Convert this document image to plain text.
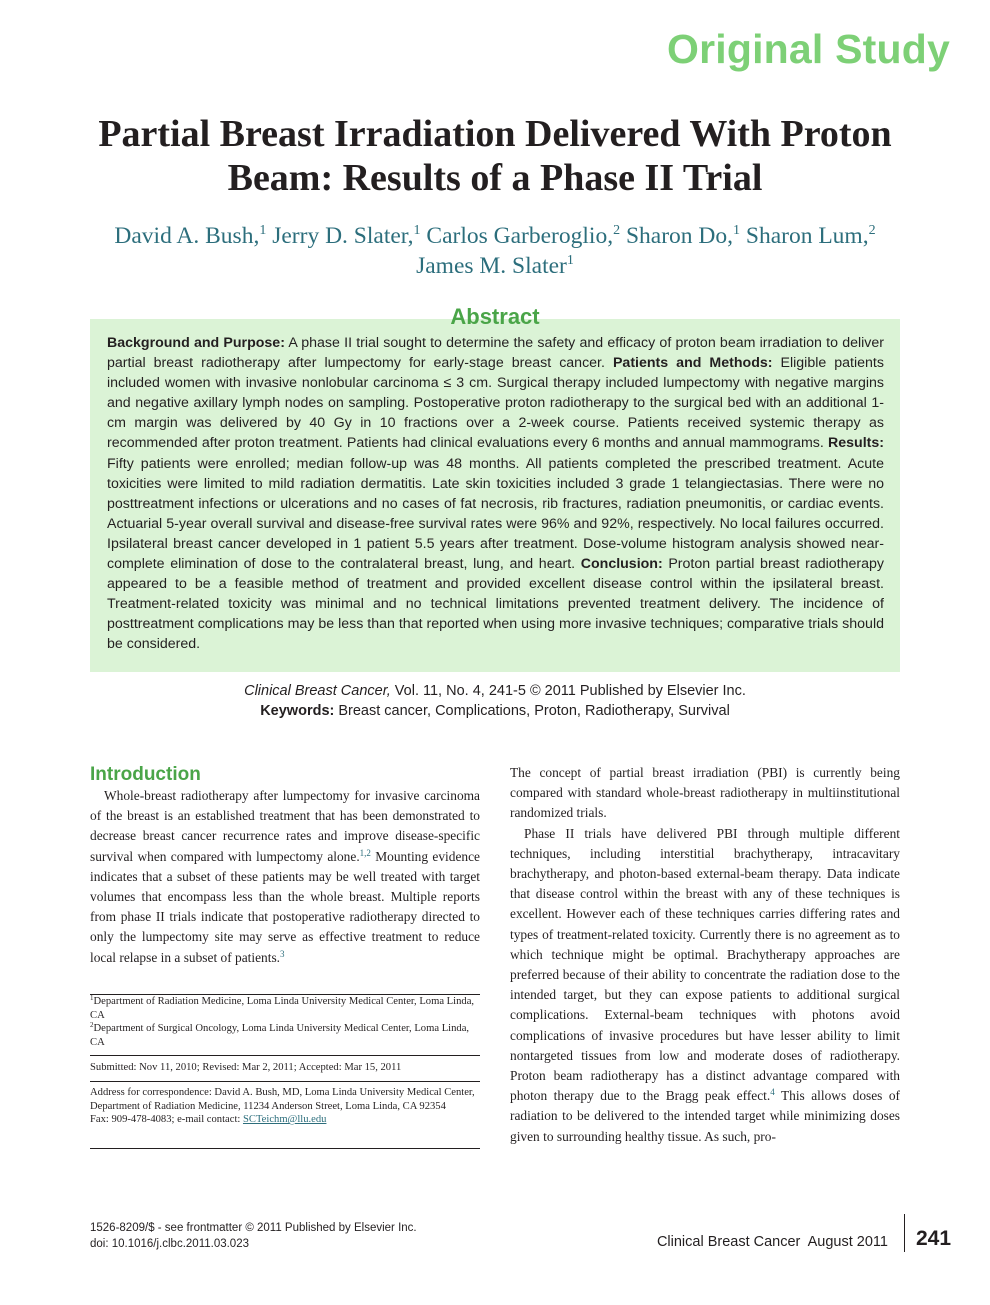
Original Study
Partial Breast Irradiation Delivered With Proton Beam: Results of a Phase II Trial
David A. Bush,$^1$ Jerry D. Slater,$^1$ Carlos Garberoglio,$^2$ Sharon Do,$^1$ Sharon Lum,$^2$
James M. Slater$^1$
Abstract
Background and Purpose: A phase II trial sought to determine the safety and efficacy of proton beam irradiation to deliver partial breast radiotherapy after lumpectomy for early-stage breast cancer. Patients and Methods: Eligible patients included women with invasive nonlobular carcinoma ≤ 3 cm. Surgical therapy included lumpectomy with negative margins and negative axillary lymph nodes on sampling. Postoperative proton radiotherapy to the surgical bed with an additional 1-cm margin was delivered by 40 Gy in 10 fractions over a 2-week course. Patients received systemic therapy as recommended after proton treatment. Patients had clinical evaluations every 6 months and annual mammograms. Results: Fifty patients were enrolled; median follow-up was 48 months. All patients completed the prescribed treatment. Acute toxicities were limited to mild radiation dermatitis. Late skin toxicities included 3 grade 1 telangiectasias. There were no posttreatment infections or ulcerations and no cases of fat necrosis, rib fractures, radiation pneumonitis, or cardiac events. Actuarial 5-year overall survival and disease-free survival rates were 96% and 92%, respectively. No local failures occurred. Ipsilateral breast cancer developed in 1 patient 5.5 years after treatment. Dose-volume histogram analysis showed near-complete elimination of dose to the contralateral breast, lung, and heart. Conclusion: Proton partial breast radiotherapy appeared to be a feasible method of treatment and provided excellent disease control within the ipsilateral breast. Treatment-related toxicity was minimal and no technical limitations prevented treatment delivery. The incidence of posttreatment complications may be less than that reported when using more invasive techniques; comparative trials should be considered.
Clinical Breast Cancer, Vol. 11, No. 4, 241-5 © 2011 Published by Elsevier Inc.
Keywords: Breast cancer, Complications, Proton, Radiotherapy, Survival
Introduction

Whole-breast radiotherapy after lumpectomy for invasive carcinoma of the breast is an established treatment that has been demonstrated to decrease breast cancer recurrence rates and improve disease-specific survival when compared with lumpectomy alone.$^{1,2}$ Mounting evidence indicates that a subset of these patients may be well treated with target volumes that encompass less than the whole breast. Multiple reports from phase II trials indicate that postoperative radiotherapy directed to only the lumpectomy site may serve as effective treatment to reduce local relapse in a subset of patients.$^3$

$^1$Department of Radiation Medicine, Loma Linda University Medical Center, Loma Linda, CA
$^2$Department of Surgical Oncology, Loma Linda University Medical Center, Loma Linda, CA
Submitted: Nov 11, 2010; Revised: Mar 2, 2011; Accepted: Mar 15, 2011
Address for correspondence: David A. Bush, MD, Loma Linda University Medical Center, Department of Radiation Medicine, 11234 Anderson Street, Loma Linda, CA 92354
Fax: 909-478-4083; e-mail contact: SCTeichm@llu.edu

The concept of partial breast irradiation (PBI) is currently being compared with standard whole-breast radiotherapy in multiinstitutional randomized trials.

Phase II trials have delivered PBI through multiple different techniques, including interstitial brachytherapy, intracavitary brachytherapy, and photon-based external-beam therapy. Data indicate that disease control within the breast with any of these techniques is excellent. However each of these techniques carries differing rates and types of treatment-related toxicity. Currently there is no agreement as to which technique might be optimal. Brachytherapy approaches are preferred because of their ability to concentrate the radiation dose to the intended target, but they can expose patients to additional surgical complications. External-beam techniques with photons avoid complications of invasive procedures but have lesser ability to limit nontargeted tissues from low and moderate doses of radiotherapy. Proton beam radiotherapy has a distinct advantage compared with photon therapy due to the Bragg peak effect.$^4$ This allows doses of radiation to be delivered to the intended target while minimizing doses given to surrounding healthy tissue. As such, pro-

1526-8209/$ - see frontmatter © 2011 Published by Elsevier Inc.
doi: 10.1016/j.clbc.2011.03.023	Clinical Breast Cancer  August 2011 241
